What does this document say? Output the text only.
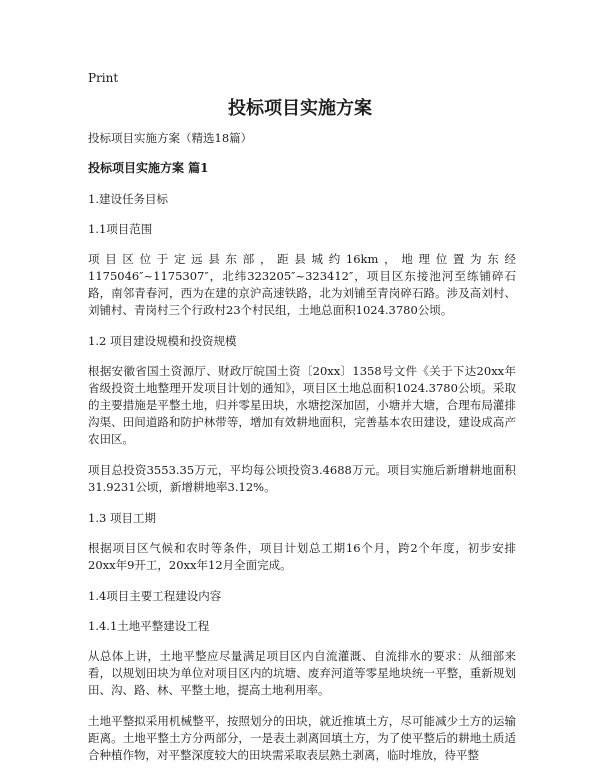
Print
投标项目实施方案

投标项目实施方案（精选18篇）

投标项目实施方案 篇1

1.建设任务目标

1.1项目范围

项目区位于定远县东部，距县城约16km，地理位置为东经1175046″~1175307″，北纬323205″~323412″，项目区东接池河至练铺碎石路，南邻青春河，西为在建的京沪高速铁路，北为刘铺至青岗碎石路。涉及高刘村、刘铺村、青岗村三个行政村23个村民组，土地总面积1024.3780公顷。

1.2 项目建设规模和投资规模

根据安徽省国土资源厅、财政厅皖国土资〔20xx〕1358号文件《关于下达20xx年省级投资土地整理开发项目计划的通知》，项目区土地总面积1024.3780公顷。采取的主要措施是平整土地，归并零星田块，水塘挖深加固，小塘并大塘，合理布局灌排沟渠、田间道路和防护林带等，增加有效耕地面积，完善基本农田建设，建设成高产农田区。

项目总投资3553.35万元，平均每公顷投资3.4688万元。项目实施后新增耕地面积31.9231公顷，新增耕地率3.12%。

1.3 项目工期

根据项目区气候和农时等条件，项目计划总工期16个月，跨2个年度，初步安排20xx年9开工，20xx年12月全面完成。

1.4项目主要工程建设内容

1.4.1土地平整建设工程

从总体上讲，土地平整应尽量满足项目区内自流灌溉、自流排水的要求：从细部来看，以规划田块为单位对项目区内的坑塘、废弃河道等零星地块统一平整，重新规划田、沟、路、林、平整土地，提高土地利用率。

土地平整拟采用机械整平，按照划分的田块，就近推填土方，尽可能减少土方的运输距离。土地平整土方分两部分，一是表土剥离回填土方，为了使平整后的耕地土质适合种植作物，对平整深度较大的田块需采取表层熟土剥离，临时堆放，待平整
